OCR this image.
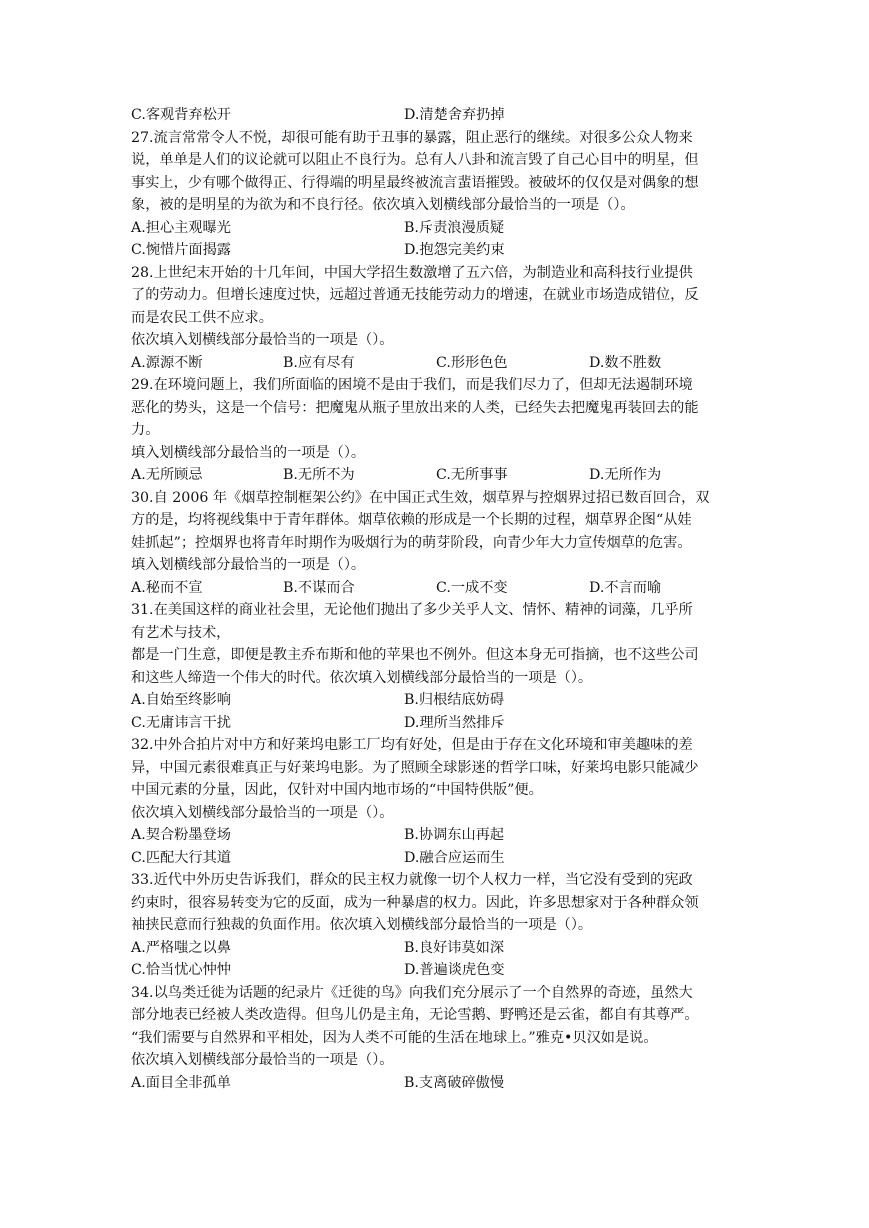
C.客观背弃松开	D.清楚舍弃扔掉
27.流言常常令人不悦，却很可能有助于丑事的暴露，阻止恶行的继续。对很多公众人物来
说，单单是人们的议论就可以阻止不良行为。总有人八卦和流言毁了自己心目中的明星，但
事实上，少有哪个做得正、行得端的明星最终被流言蜚语摧毁。被破坏的仅仅是对偶象的想
象，被的是明星的为欲为和不良行径。依次填入划横线部分最恰当的一项是（）。
A.担心主观曝光	B.斥责浪漫质疑
C.惋惜片面揭露	D.抱怨完美约束
28.上世纪末开始的十几年间，中国大学招生数激增了五六倍，为制造业和高科技行业提供
了的劳动力。但增长速度过快，远超过普通无技能劳动力的增速，在就业市场造成错位，反
而是农民工供不应求。
依次填入划横线部分最恰当的一项是（）。
A.源源不断	B.应有尽有	C.形形色色	D.数不胜数
29.在环境问题上，我们所面临的困境不是由于我们，而是我们尽力了，但却无法遏制环境
恶化的势头，这是一个信号：把魔鬼从瓶子里放出来的人类，已经失去把魔鬼再装回去的能
力。
填入划横线部分最恰当的一项是（）。
A.无所顾忌	B.无所不为	C.无所事事	D.无所作为
30.自 2006 年《烟草控制框架公约》在中国正式生效，烟草界与控烟界过招已数百回合，双
方的是，均将视线集中于青年群体。烟草依赖的形成是一个长期的过程，烟草界企图“从娃
娃抓起”；控烟界也将青年时期作为吸烟行为的萌芽阶段，向青少年大力宣传烟草的危害。
填入划横线部分最恰当的一项是（）。
A.秘而不宣	B.不谋而合	C.一成不变	D.不言而喻
31.在美国这样的商业社会里，无论他们抛出了多少关乎人文、情怀、精神的词藻，几乎所
有艺术与技术，
都是一门生意，即便是教主乔布斯和他的苹果也不例外。但这本身无可指摘，也不这些公司
和这些人缔造一个伟大的时代。依次填入划横线部分最恰当的一项是（）。
A.自始至终影响	B.归根结底妨碍
C.无庸讳言干扰	D.理所当然排斥
32.中外合拍片对中方和好莱坞电影工厂均有好处，但是由于存在文化环境和审美趣味的差
异，中国元素很难真正与好莱坞电影。为了照顾全球影迷的哲学口味，好莱坞电影只能减少
中国元素的分量，因此，仅针对中国内地市场的“中国特供版”便。
依次填入划横线部分最恰当的一项是（）。
A.契合粉墨登场	B.协调东山再起
C.匹配大行其道	D.融合应运而生
33.近代中外历史告诉我们，群众的民主权力就像一切个人权力一样，当它没有受到的宪政
约束时，很容易转变为它的反面，成为一种暴虐的权力。因此，许多思想家对于各种群众领
袖挟民意而行独裁的负面作用。依次填入划横线部分最恰当的一项是（）。
A.严格嗤之以鼻	B.良好讳莫如深
C.恰当忧心忡忡	D.普遍谈虎色变
34.以鸟类迁徙为话题的纪录片《迁徙的鸟》向我们充分展示了一个自然界的奇迹，虽然大
部分地表已经被人类改造得。但鸟儿仍是主角，无论雪鹅、野鸭还是云雀，都自有其尊严。
“我们需要与自然界和平相处，因为人类不可能的生活在地球上。”雅克•贝汉如是说。
依次填入划横线部分最恰当的一项是（）。
A.面目全非孤单	B.支离破碎傲慢
